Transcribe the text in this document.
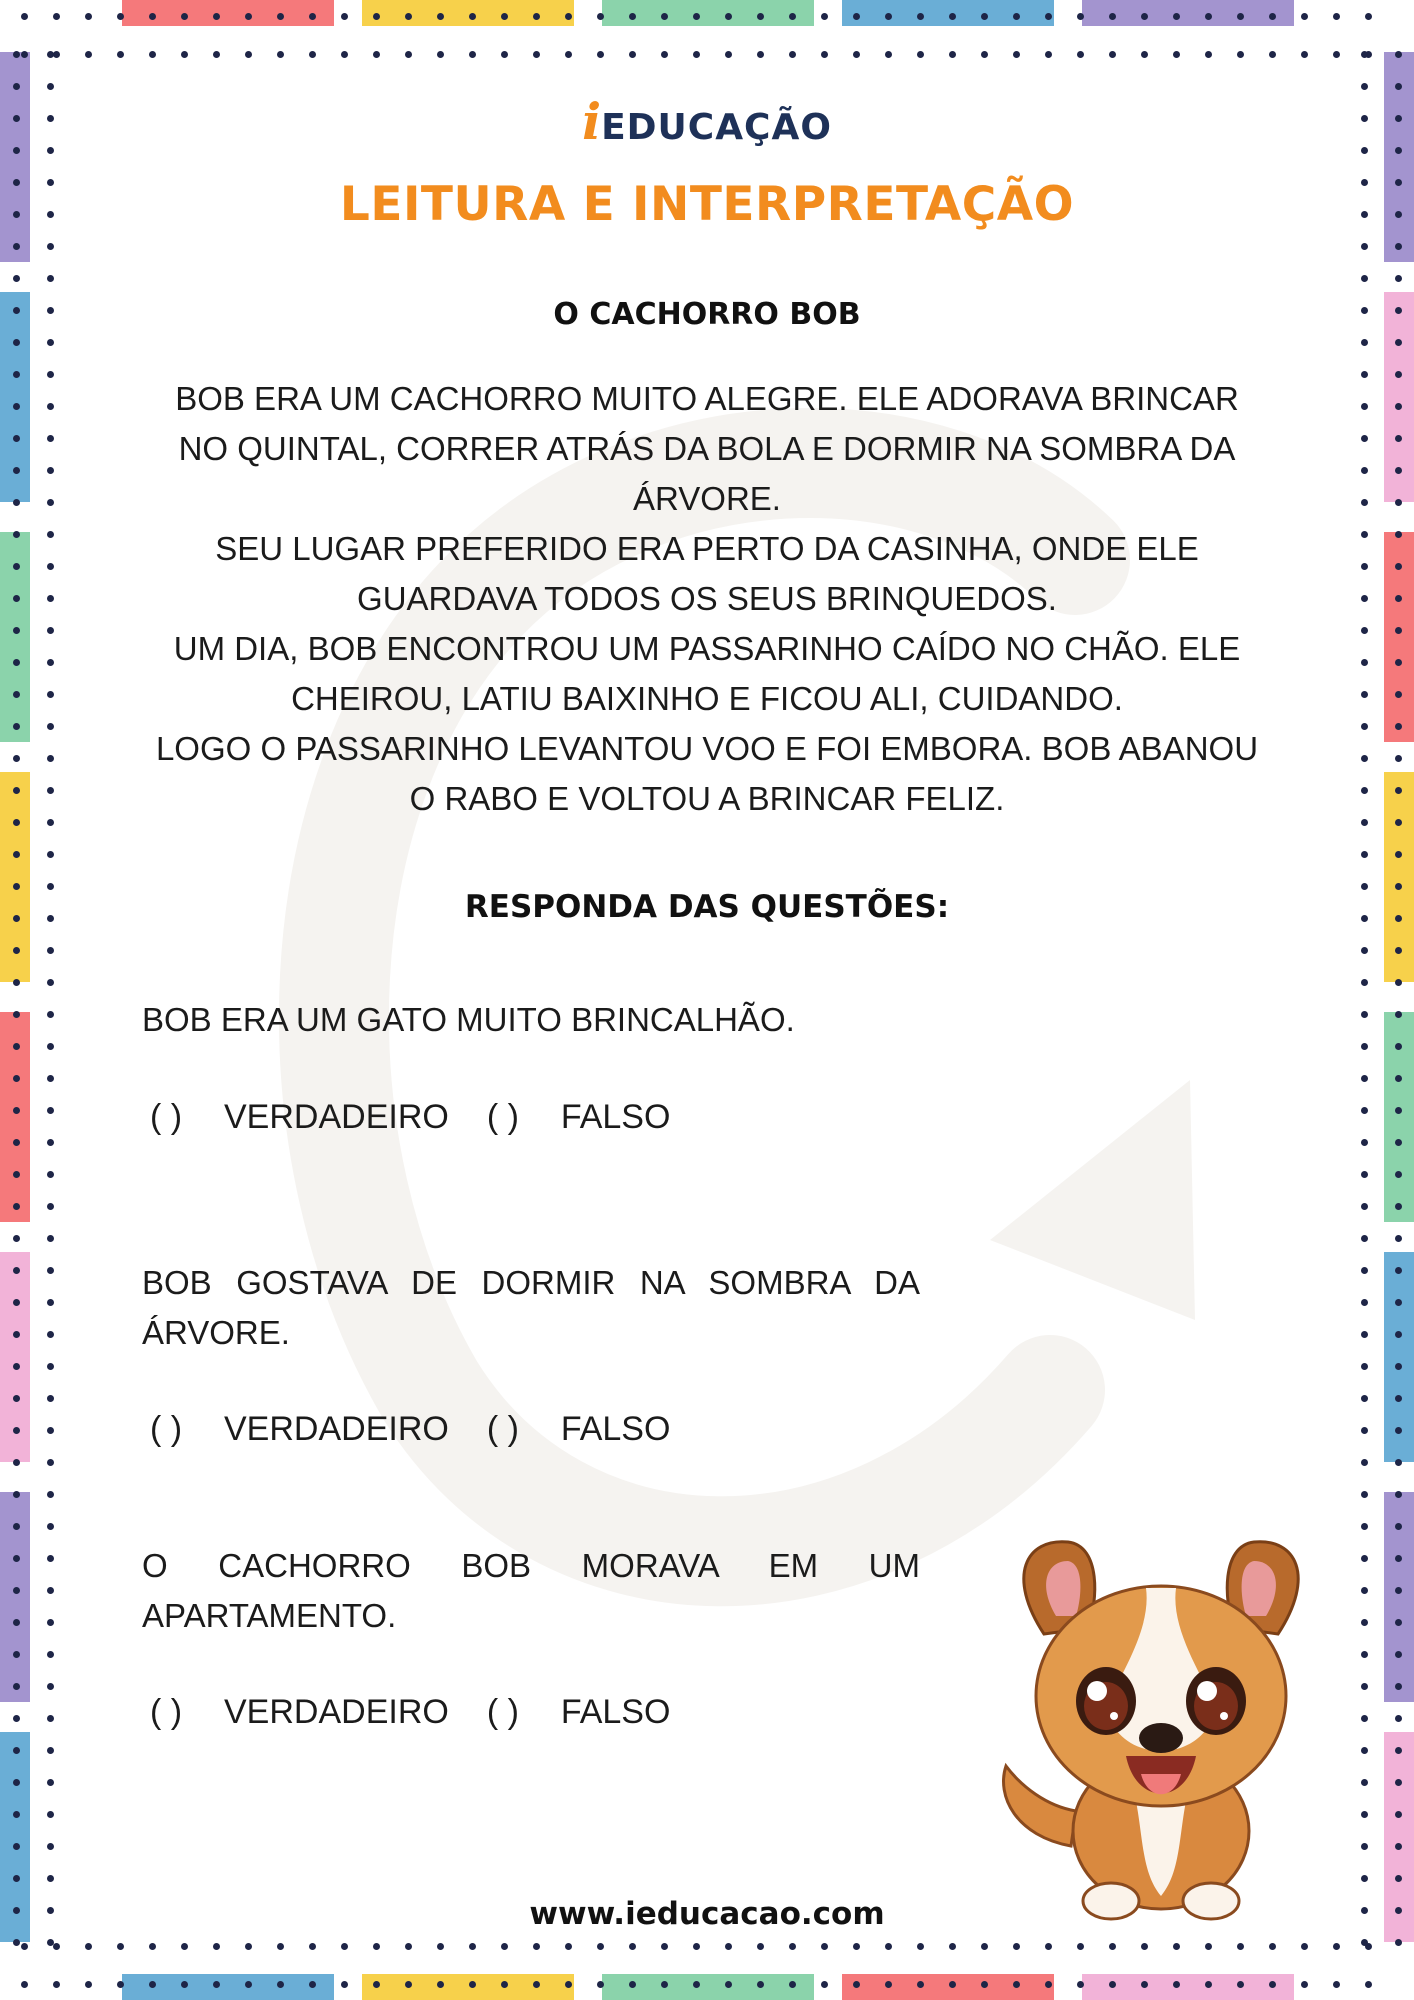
iEDUCAÇÃO
LEITURA E INTERPRETAÇÃO
O CACHORRO BOB

BOB ERA UM CACHORRO MUITO ALEGRE. ELE ADORAVA BRINCAR NO QUINTAL, CORRER ATRÁS DA BOLA E DORMIR NA SOMBRA DA ÁRVORE.

SEU LUGAR PREFERIDO ERA PERTO DA CASINHA, ONDE ELE GUARDAVA TODOS OS SEUS BRINQUEDOS.

UM DIA, BOB ENCONTROU UM PASSARINHO CAÍDO NO CHÃO. ELE CHEIROU, LATIU BAIXINHO E FICOU ALI, CUIDANDO.

LOGO O PASSARINHO LEVANTOU VOO E FOI EMBORA. BOB ABANOU O RABO E VOLTOU A BRINCAR FELIZ.

RESPONDA DAS QUESTÕES:

BOB ERA UM GATO MUITO BRINCALHÃO.

( ) VERDADEIRO ( ) FALSO

BOB GOSTAVA DE DORMIR NA SOMBRA DA ÁRVORE.

( ) VERDADEIRO ( ) FALSO

O CACHORRO BOB MORAVA EM UM APARTAMENTO.

( ) VERDADEIRO ( ) FALSO
www.ieducacao.com
